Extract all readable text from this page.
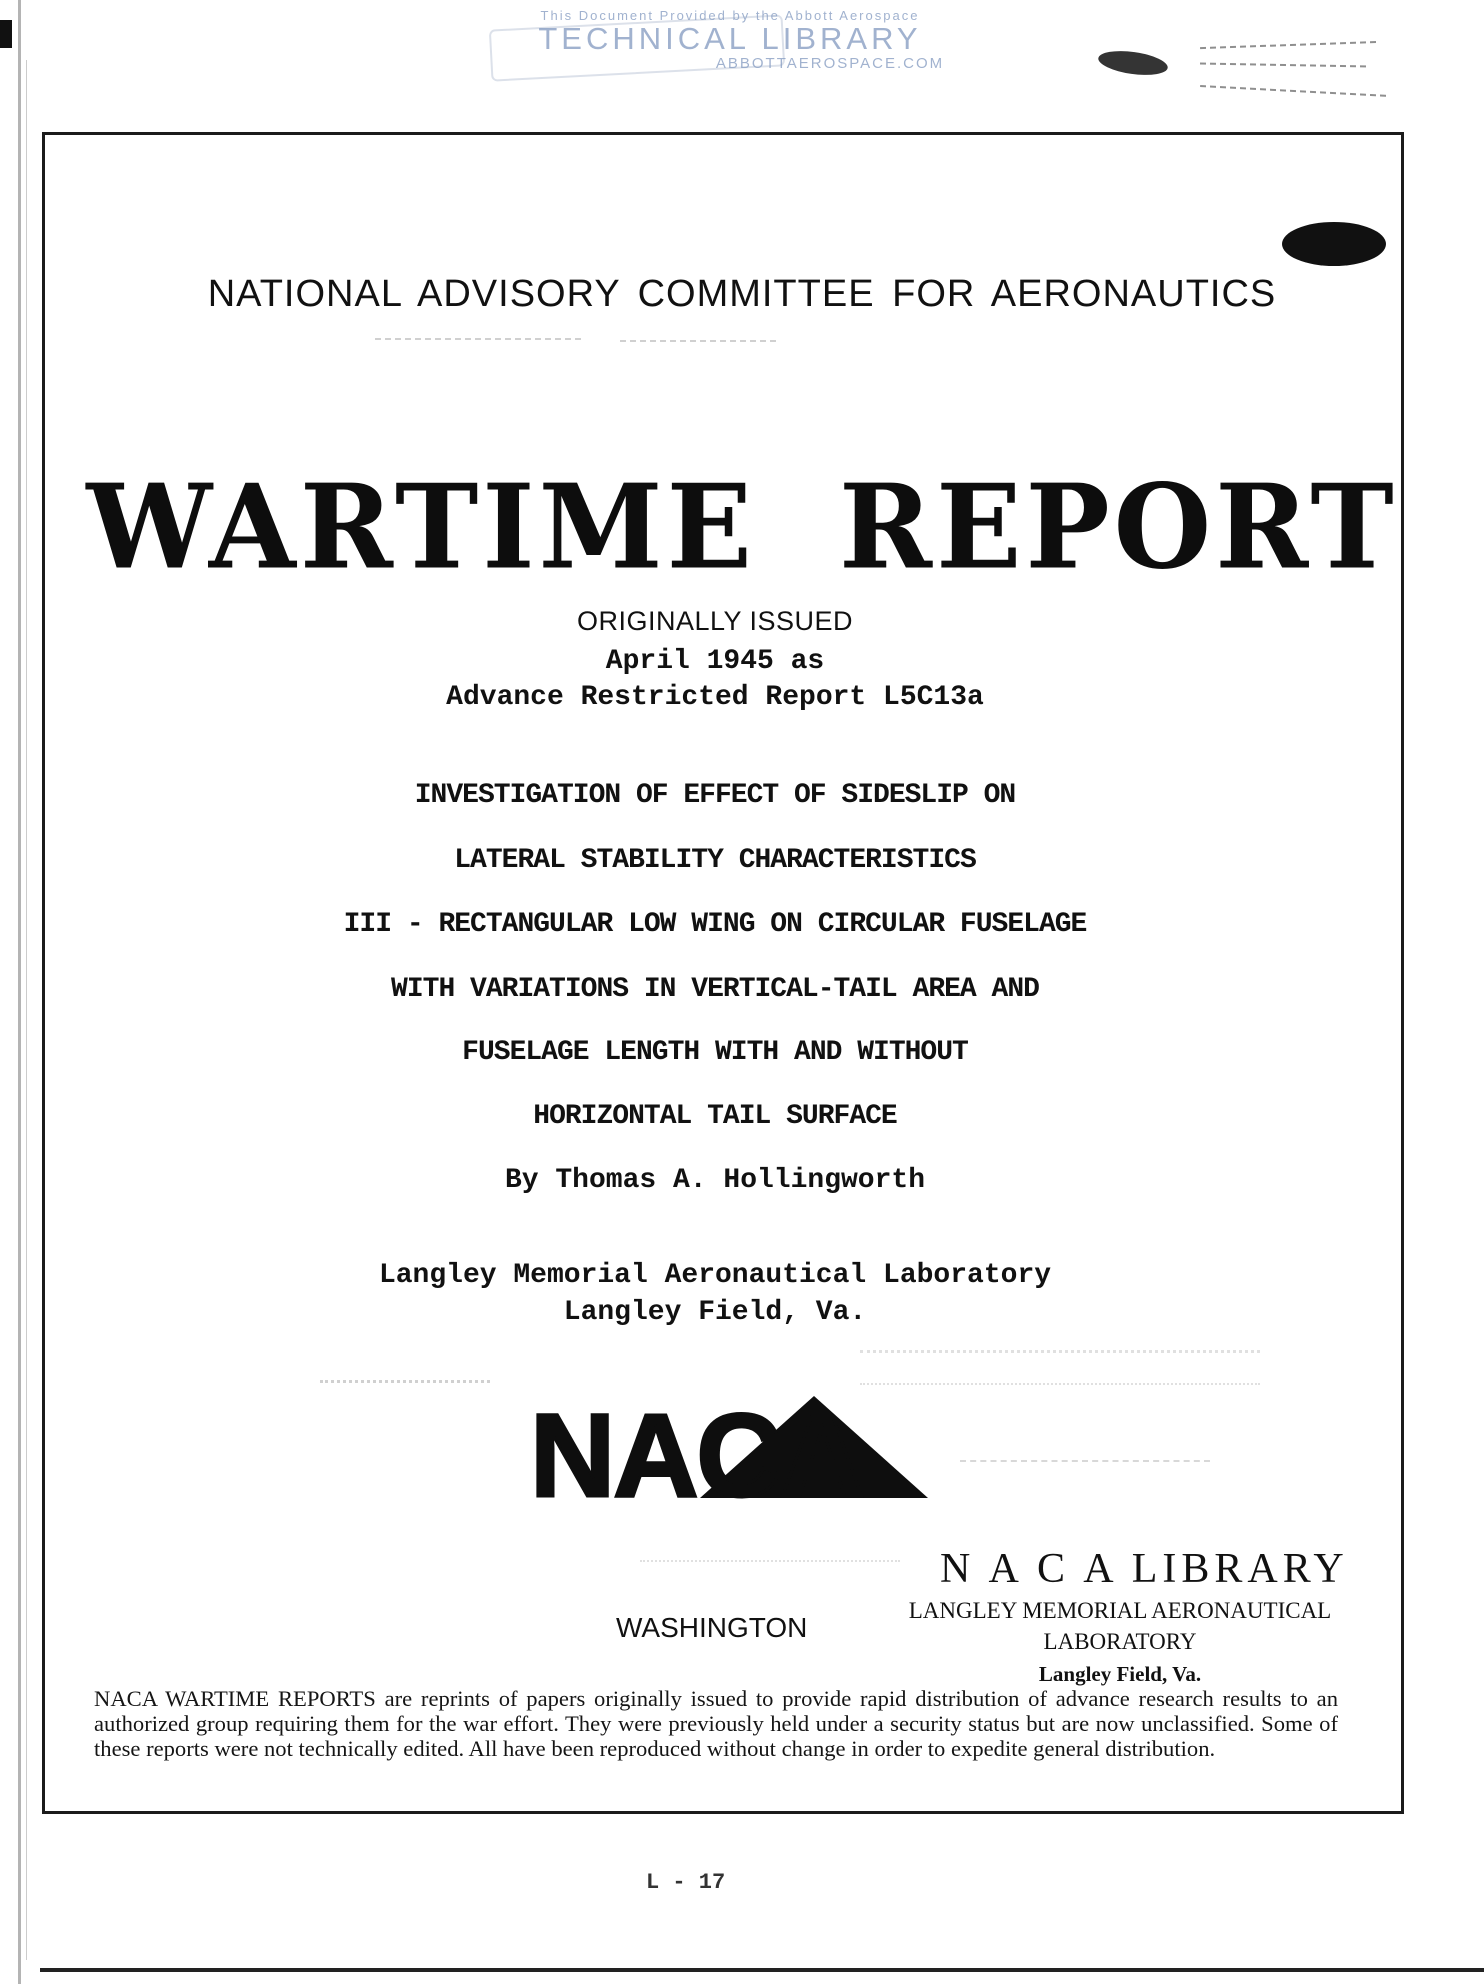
This Document Provided by the Abbott Aerospace
TECHNICAL LIBRARY
ABBOTTAEROSPACE.COM
NATIONAL ADVISORY COMMITTEE FOR AERONAUTICS
WARTIME REPORT
ORIGINALLY ISSUED
April 1945 as
Advance Restricted Report L5C13a
INVESTIGATION OF EFFECT OF SIDESLIP ON
LATERAL STABILITY CHARACTERISTICS
III - RECTANGULAR LOW WING ON CIRCULAR FUSELAGE
WITH VARIATIONS IN VERTICAL-TAIL AREA AND
FUSELAGE LENGTH WITH AND WITHOUT
HORIZONTAL TAIL SURFACE
By Thomas A. Hollingworth
Langley Memorial Aeronautical Laboratory
Langley Field, Va.
NACA
N A C A LIBRARY
LANGLEY MEMORIAL AERONAUTICAL
LABORATORY
Langley Field, Va.
WASHINGTON
NACA WARTIME REPORTS are reprints of papers originally issued to provide rapid distribution of advance research results to an authorized group requiring them for the war effort. They were previously held under a security status but are now unclassified. Some of these reports were not technically edited. All have been reproduced without change in order to expedite general distribution.
L - 17
